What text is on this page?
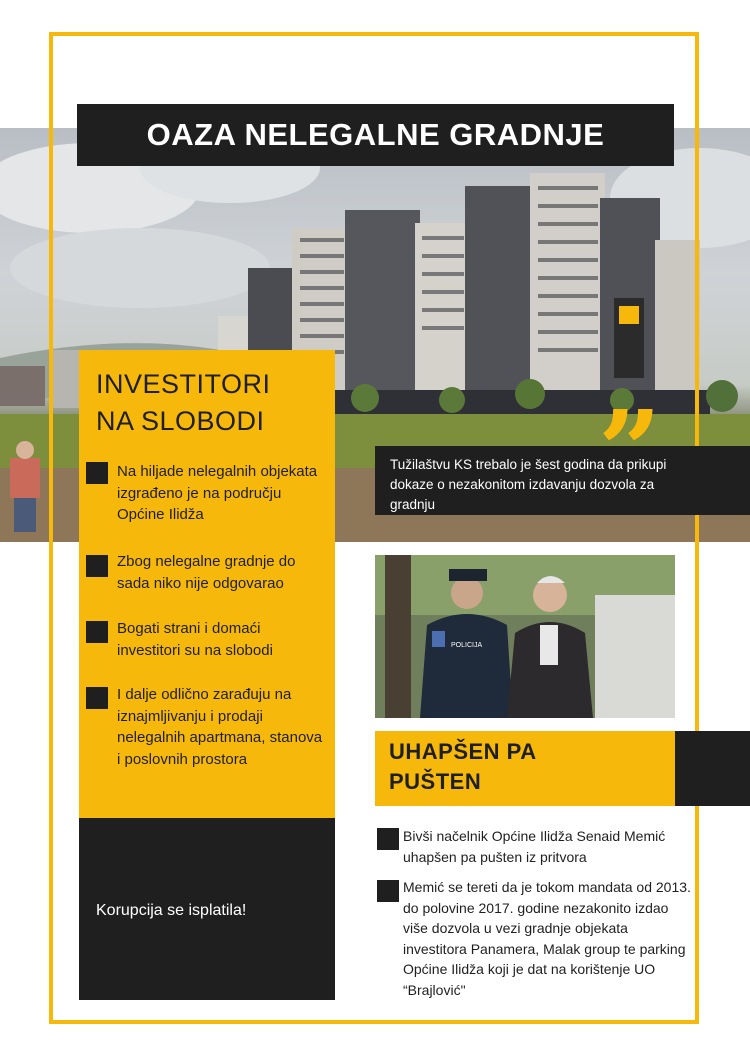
OAZA NELEGALNE GRADNJE
INVESTITORI
NA SLOBODI
Na hiljade nelegalnih objekata izgrađeno je na području Općine Ilidža
Zbog nelegalne gradnje do sada niko nije odgovarao
Bogati strani i domaći investitori su na slobodi
I dalje odlično zarađuju na iznajmljivanju i prodaji nelegalnih apartmana, stanova i poslovnih prostora
Korupcija se isplatila!
Tužilaštvu KS trebalo je šest godina da prikupi dokaze o nezakonitom izdavanju dozvola za gradnju	”
POLICIJA
UHAPŠEN PA
PUŠTEN
Bivši načelnik Općine Ilidža Senaid Memić uhapšen pa pušten iz pritvora
Memić se tereti da je tokom mandata od 2013. do polovine 2017. godine nezakonito izdao više dozvola u vezi gradnje objekata investitora Panamera, Malak group te parking Općine Ilidža koji je dat na korištenje UO “Brajlović"
